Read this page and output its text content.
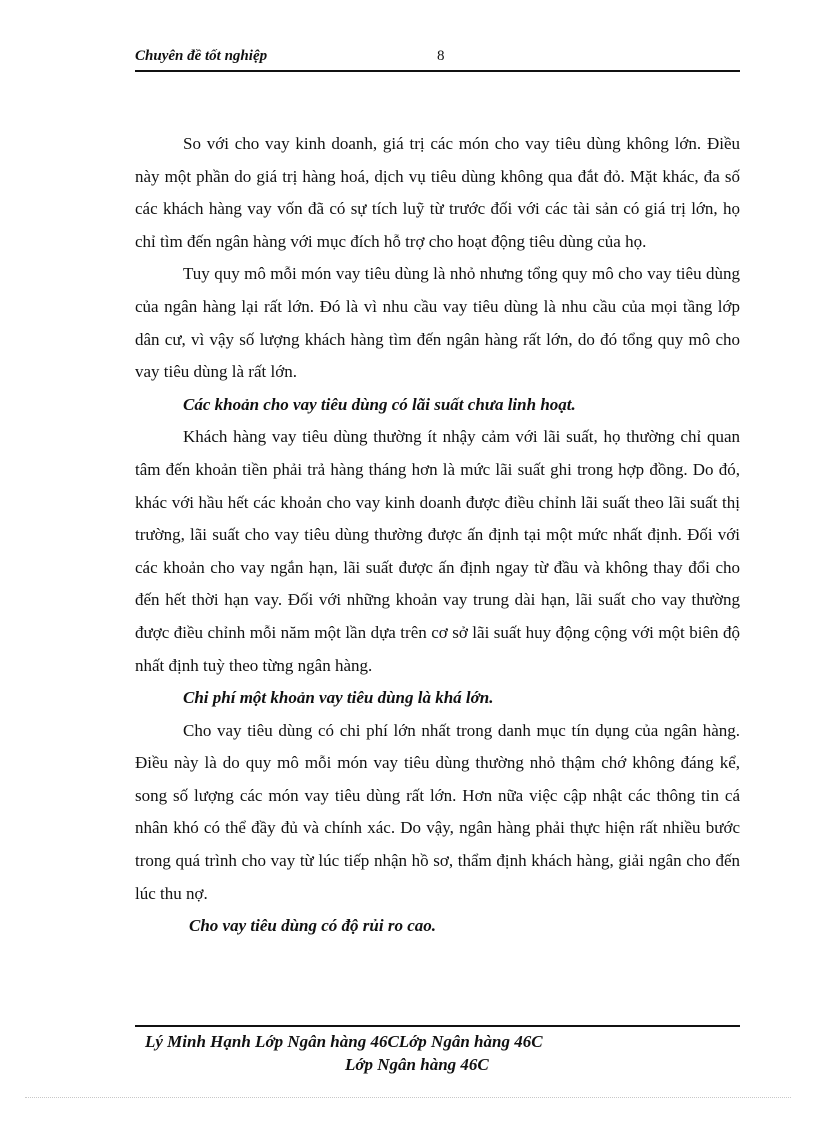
Chuyên đề tốt nghiệp	8

So với cho vay kinh doanh, giá trị các món cho vay tiêu dùng không lớn. Điều này một phần do giá trị hàng hoá, dịch vụ tiêu dùng không qua đắt đỏ. Mặt khác, đa số các khách hàng vay vốn đã có sự tích luỹ từ trước đối với các tài sản có giá trị lớn, họ chỉ tìm đến ngân hàng với mục đích hỗ trợ cho hoạt động tiêu dùng của họ.

Tuy quy mô mỗi món vay tiêu dùng là nhỏ nhưng tổng quy mô cho vay tiêu dùng của ngân hàng lại rất lớn. Đó là vì nhu cầu vay tiêu dùng là nhu cầu của mọi tầng lớp dân cư, vì vậy số lượng khách hàng tìm đến ngân hàng rất lớn, do đó tổng quy mô cho vay tiêu dùng là rất lớn.

Các khoản cho vay tiêu dùng có lãi suất chưa linh hoạt.

Khách hàng vay tiêu dùng thường ít nhậy cảm với lãi suất, họ thường chỉ quan tâm đến khoản tiền phải trả hàng tháng hơn là mức lãi suất ghi trong hợp đồng. Do đó, khác với hầu hết các khoản cho vay kinh doanh được điều chỉnh lãi suất theo lãi suất thị trường, lãi suất cho vay tiêu dùng thường được ấn định tại một mức nhất định. Đối với các khoản cho vay ngắn hạn, lãi suất được ấn định ngay từ đầu và không thay đổi cho đến hết thời hạn vay. Đối với những khoản vay trung dài hạn, lãi suất cho vay thường được điều chỉnh mỗi năm một lần dựa trên cơ sở lãi suất huy động cộng với một biên độ nhất định tuỳ theo từng ngân hàng.

Chi phí một khoản vay tiêu dùng là khá lớn.

Cho vay tiêu dùng có chi phí lớn nhất trong danh mục tín dụng của ngân hàng. Điều này là do quy mô mỗi món vay tiêu dùng thường nhỏ thậm chớ không đáng kể, song số lượng các món vay tiêu dùng rất lớn. Hơn nữa việc cập nhật các thông tin cá nhân khó có thể đầy đủ và chính xác. Do vậy, ngân hàng phải thực hiện rất nhiều bước trong quá trình cho vay từ lúc tiếp nhận hồ sơ, thẩm định khách hàng, giải ngân cho đến lúc thu nợ.

Cho vay tiêu dùng có độ rủi ro cao.

Lý Minh Hạnh Lớp Ngân hàng 46CLớp Ngân hàng 46C
Lớp Ngân hàng 46C
